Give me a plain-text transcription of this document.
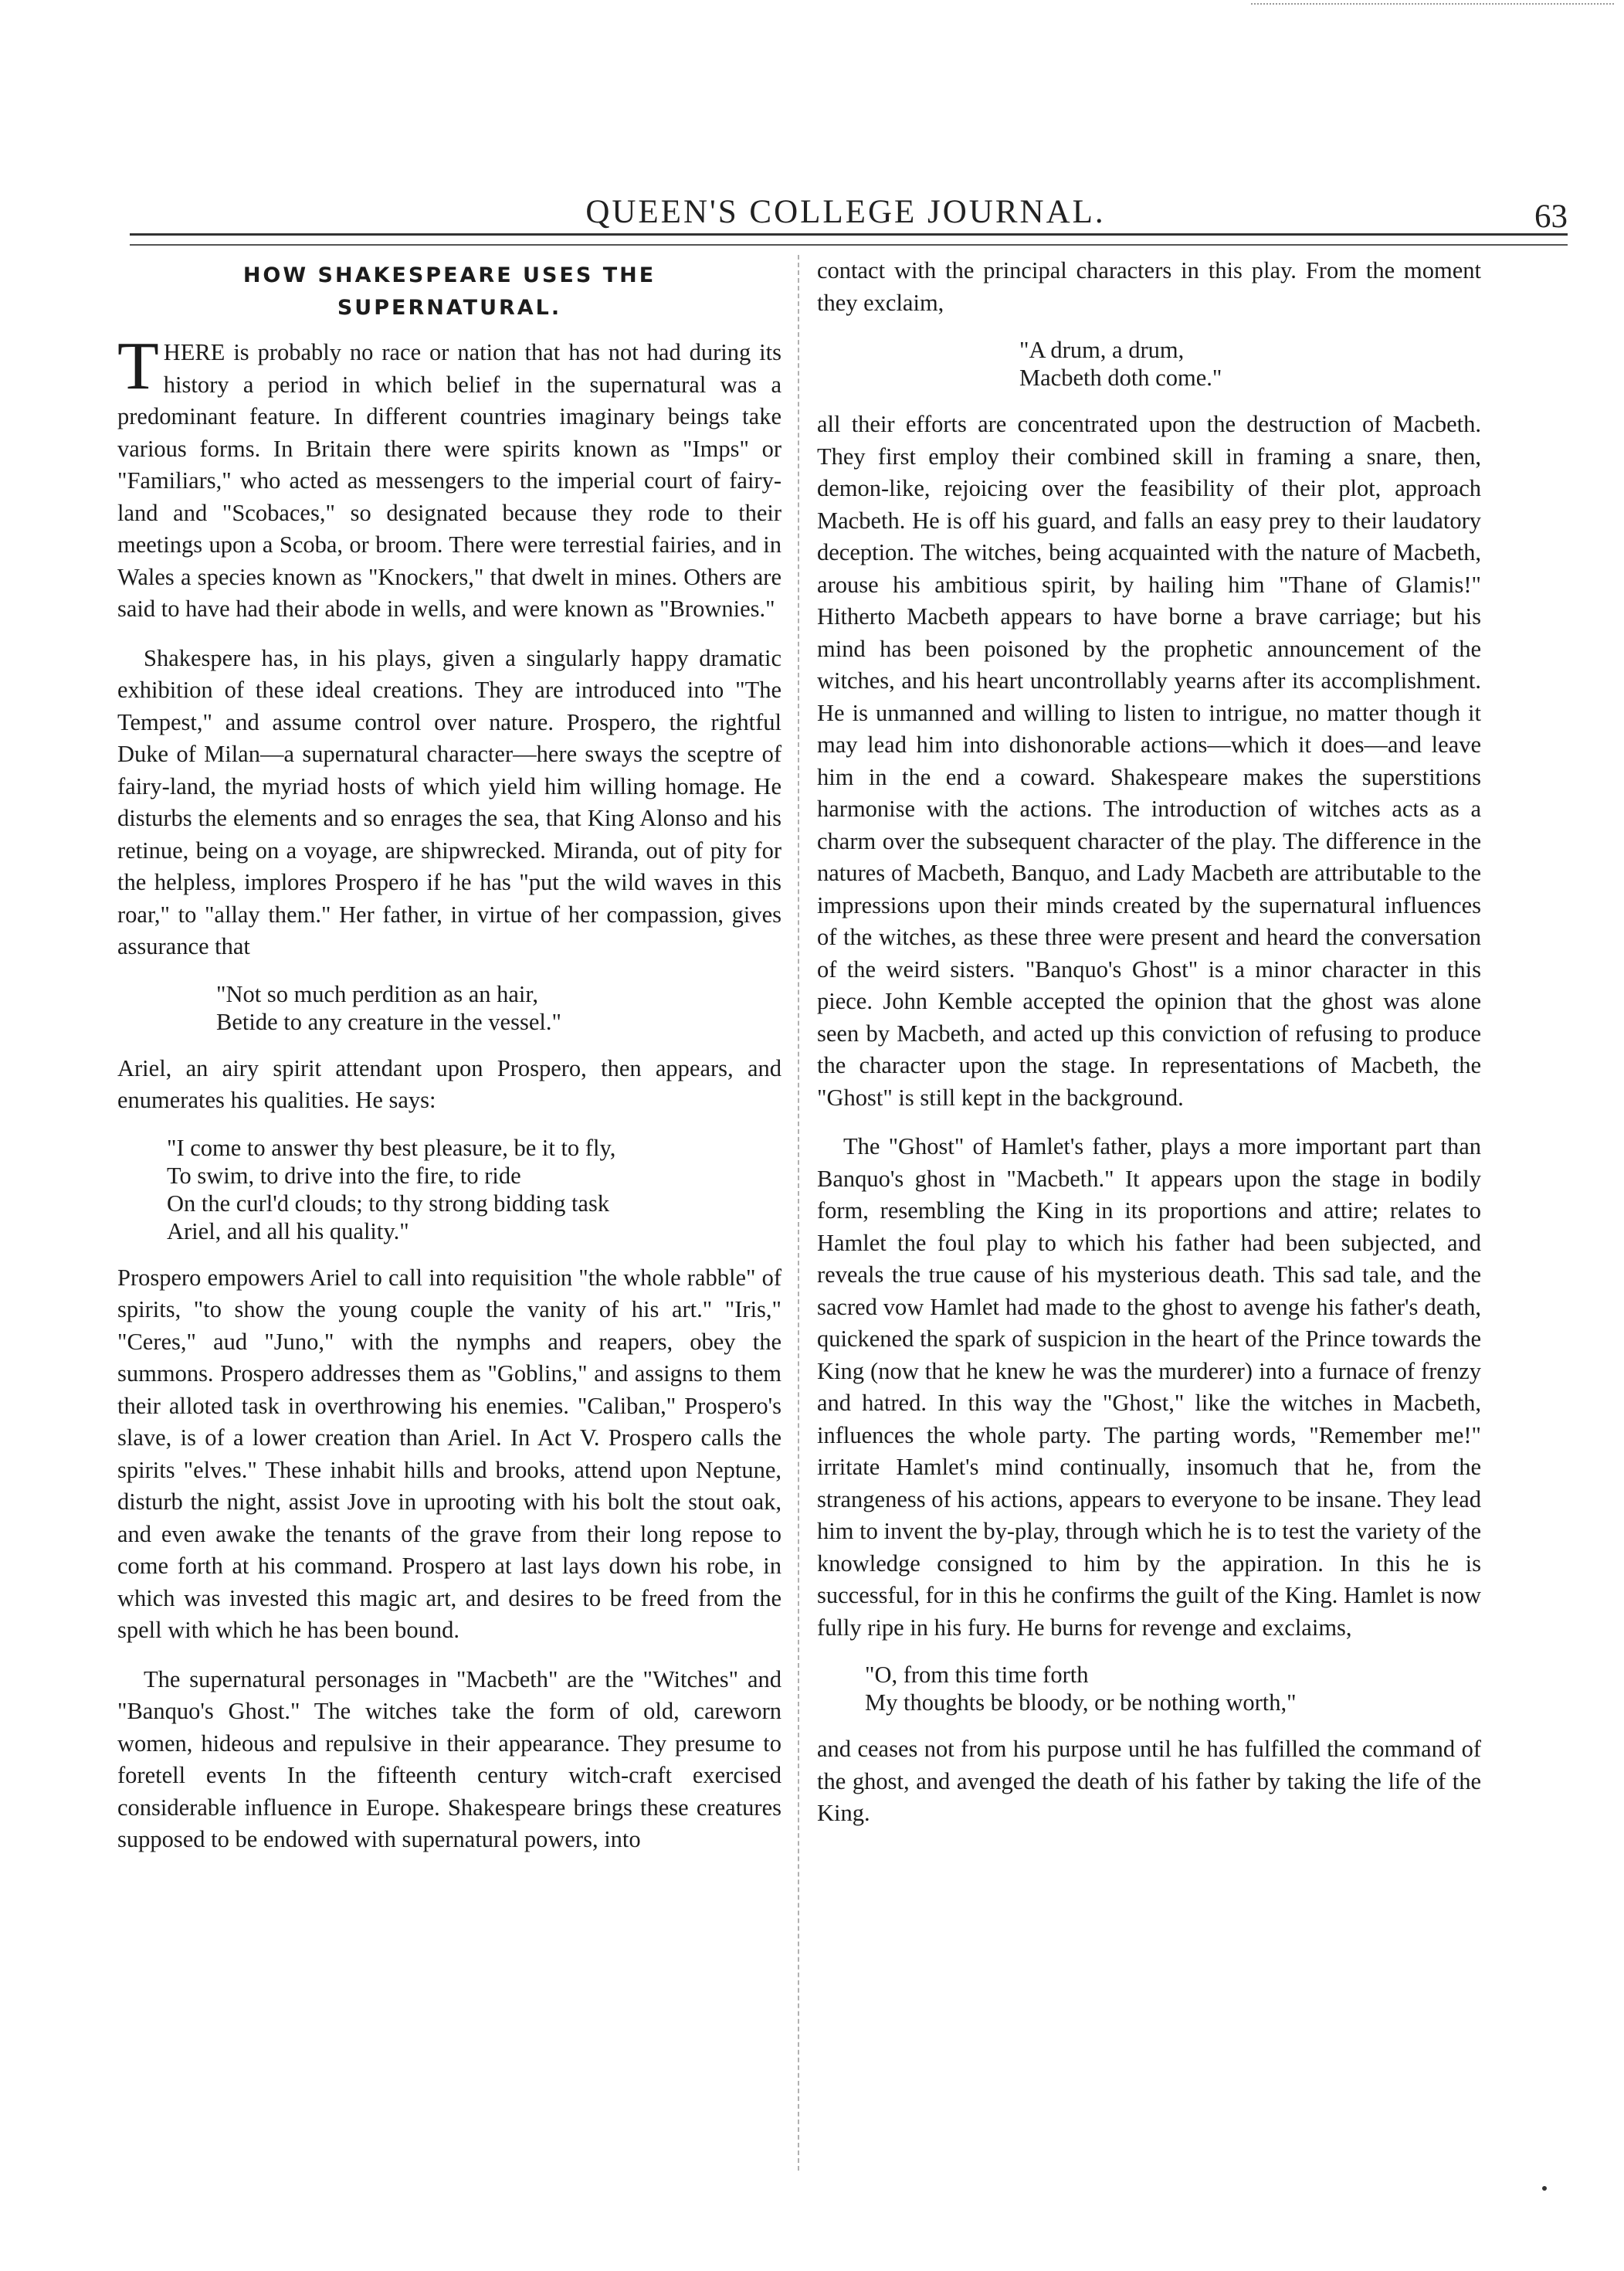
QUEEN'S COLLEGE JOURNAL.	63
HOW SHAKESPEARE USES THE
SUPERNATURAL.

THERE is probably no race or nation that has not had during its history a period in which belief in the supernatural was a predominant feature. In different countries imaginary beings take various forms. In Britain there were spirits known as "Imps" or "Familiars," who acted as messengers to the imperial court of fairy-land and "Scobaces," so designated because they rode to their meetings upon a Scoba, or broom. There were terrestial fairies, and in Wales a species known as "Knockers," that dwelt in mines. Others are said to have had their abode in wells, and were known as "Brownies."

Shakespere has, in his plays, given a singularly happy dramatic exhibition of these ideal creations. They are introduced into "The Tempest," and assume control over nature. Prospero, the rightful Duke of Milan—a supernatural character—here sways the sceptre of fairy-land, the myriad hosts of which yield him willing homage. He disturbs the elements and so enrages the sea, that King Alonso and his retinue, being on a voyage, are shipwrecked. Miranda, out of pity for the helpless, implores Prospero if he has "put the wild waves in this roar," to "allay them." Her father, in virtue of her compassion, gives assurance that

"Not so much perdition as an hair,
Betide to any creature in the vessel."

Ariel, an airy spirit attendant upon Prospero, then appears, and enumerates his qualities. He says:

"I come to answer thy best pleasure, be it to fly,
To swim, to drive into the fire, to ride
On the curl'd clouds; to thy strong bidding task
Ariel, and all his quality."

Prospero empowers Ariel to call into requisition "the whole rabble" of spirits, "to show the young couple the vanity of his art." "Iris," "Ceres," aud "Juno," with the nymphs and reapers, obey the summons. Prospero addresses them as "Goblins," and assigns to them their alloted task in overthrowing his enemies. "Caliban," Prospero's slave, is of a lower creation than Ariel. In Act V. Prospero calls the spirits "elves." These inhabit hills and brooks, attend upon Neptune, disturb the night, assist Jove in uprooting with his bolt the stout oak, and even awake the tenants of the grave from their long repose to come forth at his command. Prospero at last lays down his robe, in which was invested this magic art, and desires to be freed from the spell with which he has been bound.

The supernatural personages in "Macbeth" are the "Witches" and "Banquo's Ghost." The witches take the form of old, careworn women, hideous and repulsive in their appearance. They presume to foretell events In the fifteenth century witch-craft exercised considerable influence in Europe. Shakespeare brings these creatures supposed to be endowed with supernatural powers, into

contact with the principal characters in this play. From the moment they exclaim,

"A drum, a drum,
Macbeth doth come."

all their efforts are concentrated upon the destruction of Macbeth. They first employ their combined skill in framing a snare, then, demon-like, rejoicing over the feasibility of their plot, approach Macbeth. He is off his guard, and falls an easy prey to their laudatory deception. The witches, being acquainted with the nature of Macbeth, arouse his ambitious spirit, by hailing him "Thane of Glamis!" Hitherto Macbeth appears to have borne a brave carriage; but his mind has been poisoned by the prophetic announcement of the witches, and his heart uncontrollably yearns after its accomplishment. He is unmanned and willing to listen to intrigue, no matter though it may lead him into dishonorable actions—which it does—and leave him in the end a coward. Shakespeare makes the superstitions harmonise with the actions. The introduction of witches acts as a charm over the subsequent character of the play. The difference in the natures of Macbeth, Banquo, and Lady Macbeth are attributable to the impressions upon their minds created by the supernatural influences of the witches, as these three were present and heard the conversation of the weird sisters. "Banquo's Ghost" is a minor character in this piece. John Kemble accepted the opinion that the ghost was alone seen by Macbeth, and acted up this conviction of refusing to produce the character upon the stage. In representations of Macbeth, the "Ghost" is still kept in the background.

The "Ghost" of Hamlet's father, plays a more important part than Banquo's ghost in "Macbeth." It appears upon the stage in bodily form, resembling the King in its proportions and attire; relates to Hamlet the foul play to which his father had been subjected, and reveals the true cause of his mysterious death. This sad tale, and the sacred vow Hamlet had made to the ghost to avenge his father's death, quickened the spark of suspicion in the heart of the Prince towards the King (now that he knew he was the murderer) into a furnace of frenzy and hatred. In this way the "Ghost," like the witches in Macbeth, influences the whole party. The parting words, "Remember me!" irritate Hamlet's mind continually, insomuch that he, from the strangeness of his actions, appears to everyone to be insane. They lead him to invent the by-play, through which he is to test the variety of the knowledge consigned to him by the appiration. In this he is successful, for in this he confirms the guilt of the King. Hamlet is now fully ripe in his fury. He burns for revenge and exclaims,

"O, from this time forth
My thoughts be bloody, or be nothing worth,"

and ceases not from his purpose until he has fulfilled the command of the ghost, and avenged the death of his father by taking the life of the King.
